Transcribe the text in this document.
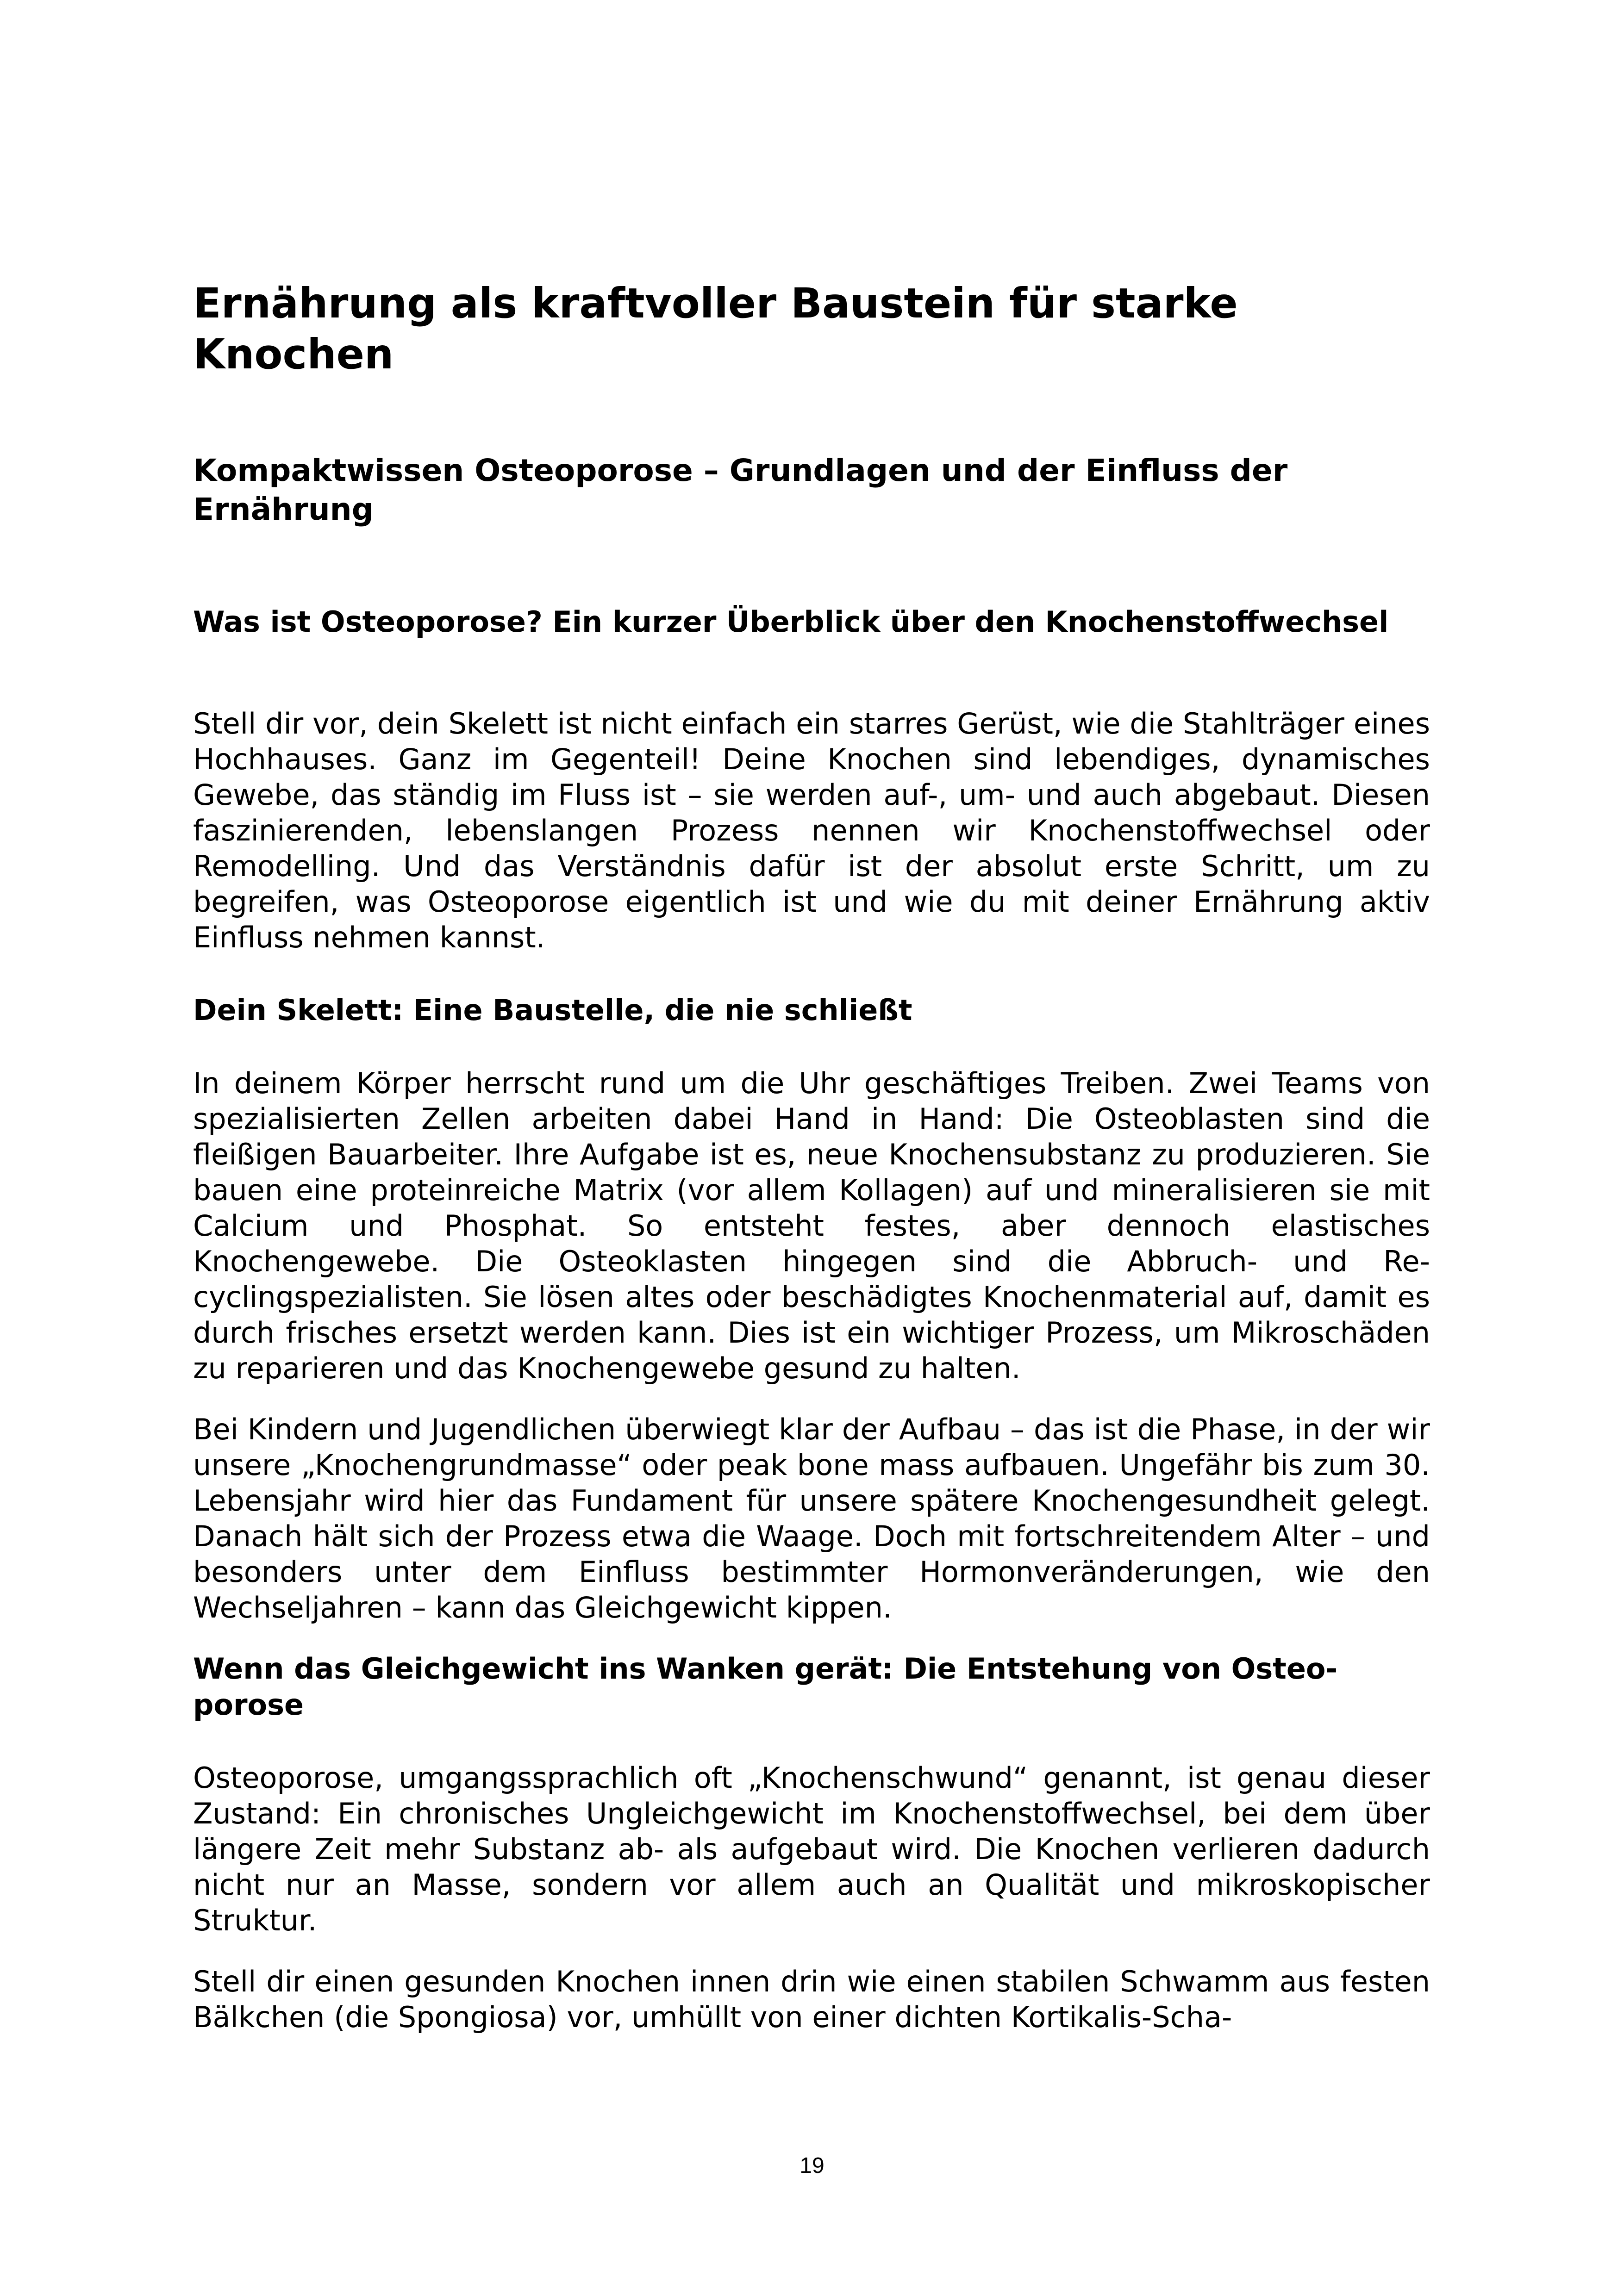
Ernährung als kraftvoller Baustein für starke Knochen
Kompaktwissen Osteoporose – Grundlagen und der Einfluss der Ernährung
Was ist Osteoporose? Ein kurzer Überblick über den Knochenstoffwechsel

Stell dir vor, dein Skelett ist nicht einfach ein starres Gerüst, wie die Stahlträger eines Hochhauses. Ganz im Gegenteil! Deine Knochen sind lebendiges, dynamisches Gewebe, das ständig im Fluss ist – sie werden auf-, um- und auch abgebaut. Diesen faszinierenden, lebenslangen Prozess nennen wir Knochenstoffwechsel oder Remodelling. Und das Verständnis dafür ist der absolut erste Schritt, um zu begreifen, was Osteoporose eigentlich ist und wie du mit deiner Ernährung aktiv Einfluss nehmen kannst.

Dein Skelett: Eine Baustelle, die nie schließt

In deinem Körper herrscht rund um die Uhr geschäftiges Treiben. Zwei Teams von spezialisierten Zellen arbeiten dabei Hand in Hand: Die Osteoblasten sind die fleißigen Bauarbeiter. Ihre Aufgabe ist es, neue Knochensubstanz zu produzieren. Sie bauen eine proteinreiche Matrix (vor allem Kollagen) auf und mineralisieren sie mit Calcium und Phosphat. So entsteht festes, aber dennoch elastisches Knochengewebe. Die Osteoklasten hingegen sind die Abbruch- und Recyclingspezialisten. Sie lösen altes oder beschädigtes Knochenmaterial auf, damit es durch frisches ersetzt werden kann. Dies ist ein wichtiger Prozess, um Mikroschäden zu reparieren und das Knochengewebe gesund zu halten.

Bei Kindern und Jugendlichen überwiegt klar der Aufbau – das ist die Phase, in der wir unsere „Knochengrundmasse“ oder peak bone mass aufbauen. Ungefähr bis zum 30. Lebensjahr wird hier das Fundament für unsere spätere Knochengesundheit gelegt. Danach hält sich der Prozess etwa die Waage. Doch mit fortschreitendem Alter – und besonders unter dem Einfluss bestimmter Hormonveränderungen, wie den Wechseljahren – kann das Gleichgewicht kippen.

Wenn das Gleichgewicht ins Wanken gerät: Die Entstehung von Osteoporose

Osteoporose, umgangssprachlich oft „Knochenschwund“ genannt, ist genau dieser Zustand: Ein chronisches Ungleichgewicht im Knochenstoffwechsel, bei dem über längere Zeit mehr Substanz ab- als aufgebaut wird. Die Knochen verlieren dadurch nicht nur an Masse, sondern vor allem auch an Qualität und mikroskopischer Struktur.

Stell dir einen gesunden Knochen innen drin wie einen stabilen Schwamm aus festen Bälkchen (die Spongiosa) vor, umhüllt von einer dichten Kortikalis-Scha-

19
